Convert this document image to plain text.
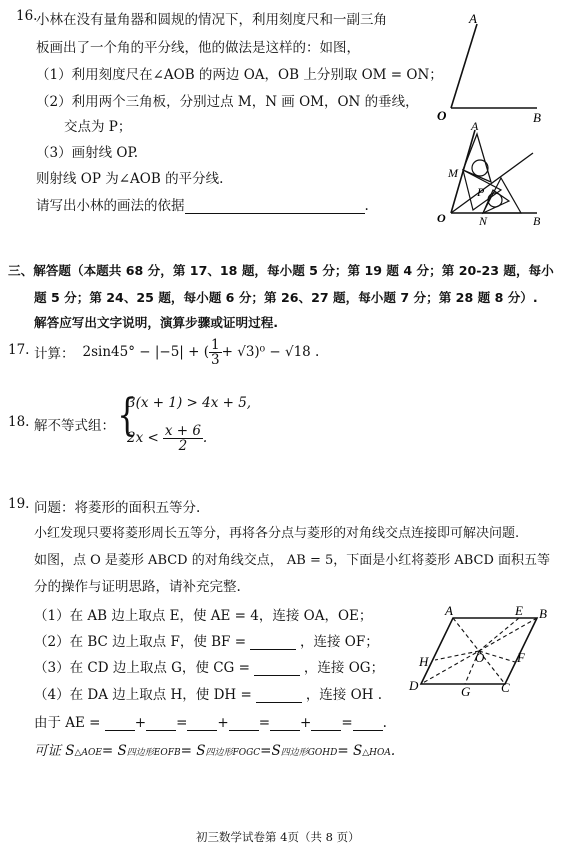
16.
小林在没有量角器和圆规的情况下，利用刻度尺和一副三角
板画出了一个角的平分线，他的做法是这样的：如图，
（1）利用刻度尺在∠AOB 的两边 OA，OB 上分别取 OM = ON；
（2）利用两个三角板，分别过点 M，N 画 OM，ON 的垂线，
交点为 P；
（3）画射线 OP.
则射线 OP 为∠AOB 的平分线.
请写出小林的画法的依据	.
A
O	B
A
M
P
O	N	B
三、解答题（本题共 68 分，第 17、18 题，每小题 5 分；第 19 题 4 分；第 20-23 题，每小
题 5 分；第 24、25 题，每小题 6 分；第 26、27 题，每小题 7 分；第 28 题 8 分）.
解答应写出文字说明，演算步骤或证明过程.
17. 计算： 2sin45° − |−5| + ( $\frac{1}{3} + √3)^0 - √18$ .
18. 解不等式组： {
3(x + 1) > 4x + 5,
$2x < \frac{x + 6}{2}$ .
19. 问题：将菱形的面积五等分.
小红发现只要将菱形周长五等分，再将各分点与菱形的对角线交点连接即可解决问题.
如图，点 O 是菱形 ABCD 的对角线交点， AB = 5，下面是小红将菱形 ABCD 面积五等
分的操作与证明思路，请补充完整.
（1）在 AB 边上取点 E，使 AE = 4，连接 OA，OE；
（2）在 BC 边上取点 F，使 BF =	，连接 OF；
（3）在 CD 边上取点 G，使 CG =	，连接 OG；
（4）在 DA 边上取点 H，使 DH =	，连接 OH .
由于 AE =	+ = + = + = .
可证 S△AOE= S四边形EOFB= S四边形FOGC=S四边形GOHD= S△HOA.
A	E B
H	O	F
D	G C
初三数学试卷第 4页（共 8 页）
